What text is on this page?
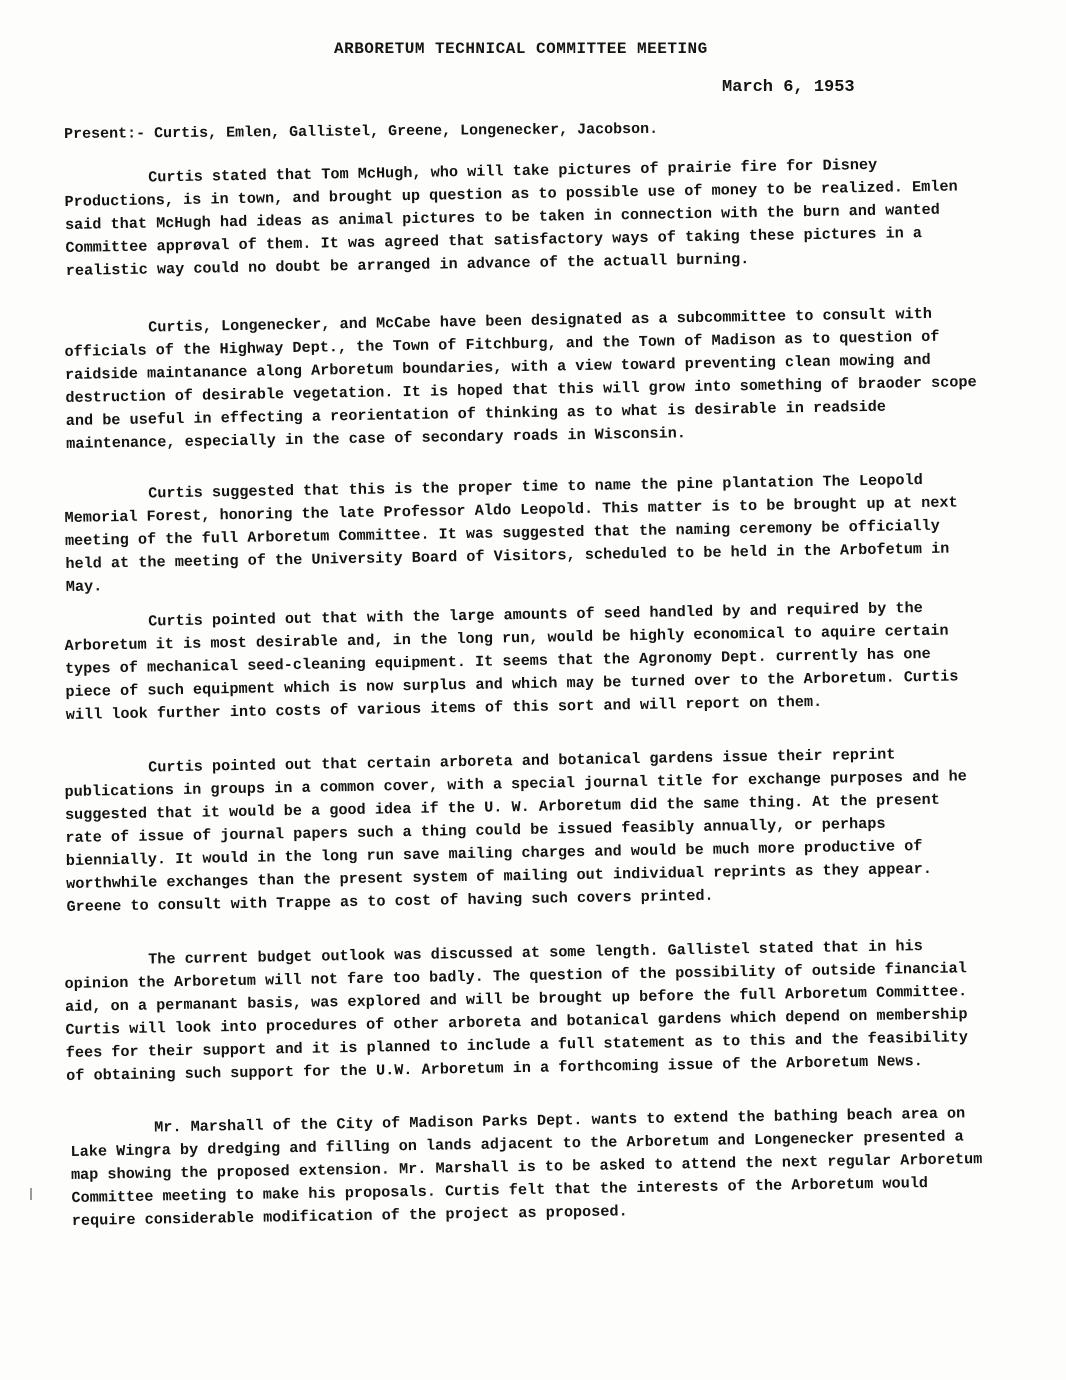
ARBORETUM TECHNICAL COMMITTEE MEETING
March 6, 1953
Present:- Curtis, Emlen, Gallistel, Greene, Longenecker, Jacobson.
Curtis stated that Tom McHugh, who will take pictures of prairie fire for Disney Productions, is in town, and brought up question as to possible use of money to be realized. Emlen said that McHugh had ideas as animal pictures to be taken in connection with the burn and wanted Committee apprøval of them. It was agreed that satisfactory ways of taking these pictures in a realistic way could no doubt be arranged in advance of the actuall burning.
Curtis, Longenecker, and McCabe have been designated as a subcommittee to consult with officials of the Highway Dept., the Town of Fitchburg, and the Town of Madison as to question of raidside maintanance along Arboretum boundaries, with a view toward preventing clean mowing and destruction of desirable vegetation. It is hoped that this will grow into something of braoder scope and be useful in effecting a reorientation of thinking as to what is desirable in readside maintenance, especially in the case of secondary roads in Wisconsin.
Curtis suggested that this is the proper time to name the pine plantation The Leopold Memorial Forest, honoring the late Professor Aldo Leopold. This matter is to be brought up at next meeting of the full Arboretum Committee. It was suggested that the naming ceremony be officially held at the meeting of the University Board of Visitors, scheduled to be held in the Arbofetum in May.
Curtis pointed out that with the large amounts of seed handled by and required by the Arboretum it is most desirable and, in the long run, would be highly economical to aquire certain types of mechanical seed-cleaning equipment. It seems that the Agronomy Dept. currently has one piece of such equipment which is now surplus and which may be turned over to the Arboretum. Curtis will look further into costs of various items of this sort and will report on them.
Curtis pointed out that certain arboreta and botanical gardens issue their reprint publications in groups in a common cover, with a special journal title for exchange purposes and he suggested that it would be a good idea if the U. W. Arboretum did the same thing. At the present rate of issue of journal papers such a thing could be issued feasibly annually, or perhaps biennially. It would in the long run save mailing charges and would be much more productive of worthwhile exchanges than the present system of mailing out individual reprints as they appear. Greene to consult with Trappe as to cost of having such covers printed.
The current budget outlook was discussed at some length. Gallistel stated that in his opinion the Arboretum will not fare too badly. The question of the possibility of outside financial aid, on a permanant basis, was explored and will be brought up before the full Arboretum Committee. Curtis will look into procedures of other arboreta and botanical gardens which depend on membership fees for their support and it is planned to include a full statement as to this and the feasibility of obtaining such support for the U.W. Arboretum in a forthcoming issue of the Arboretum News.
Mr. Marshall of the City of Madison Parks Dept. wants to extend the bathing beach area on Lake Wingra by dredging and filling on lands adjacent to the Arboretum and Longenecker presented a map showing the proposed extension. Mr. Marshall is to be asked to attend the next regular Arboretum Committee meeting to make his proposals. Curtis felt that the interests of the Arboretum would require considerable modification of the project as proposed.
